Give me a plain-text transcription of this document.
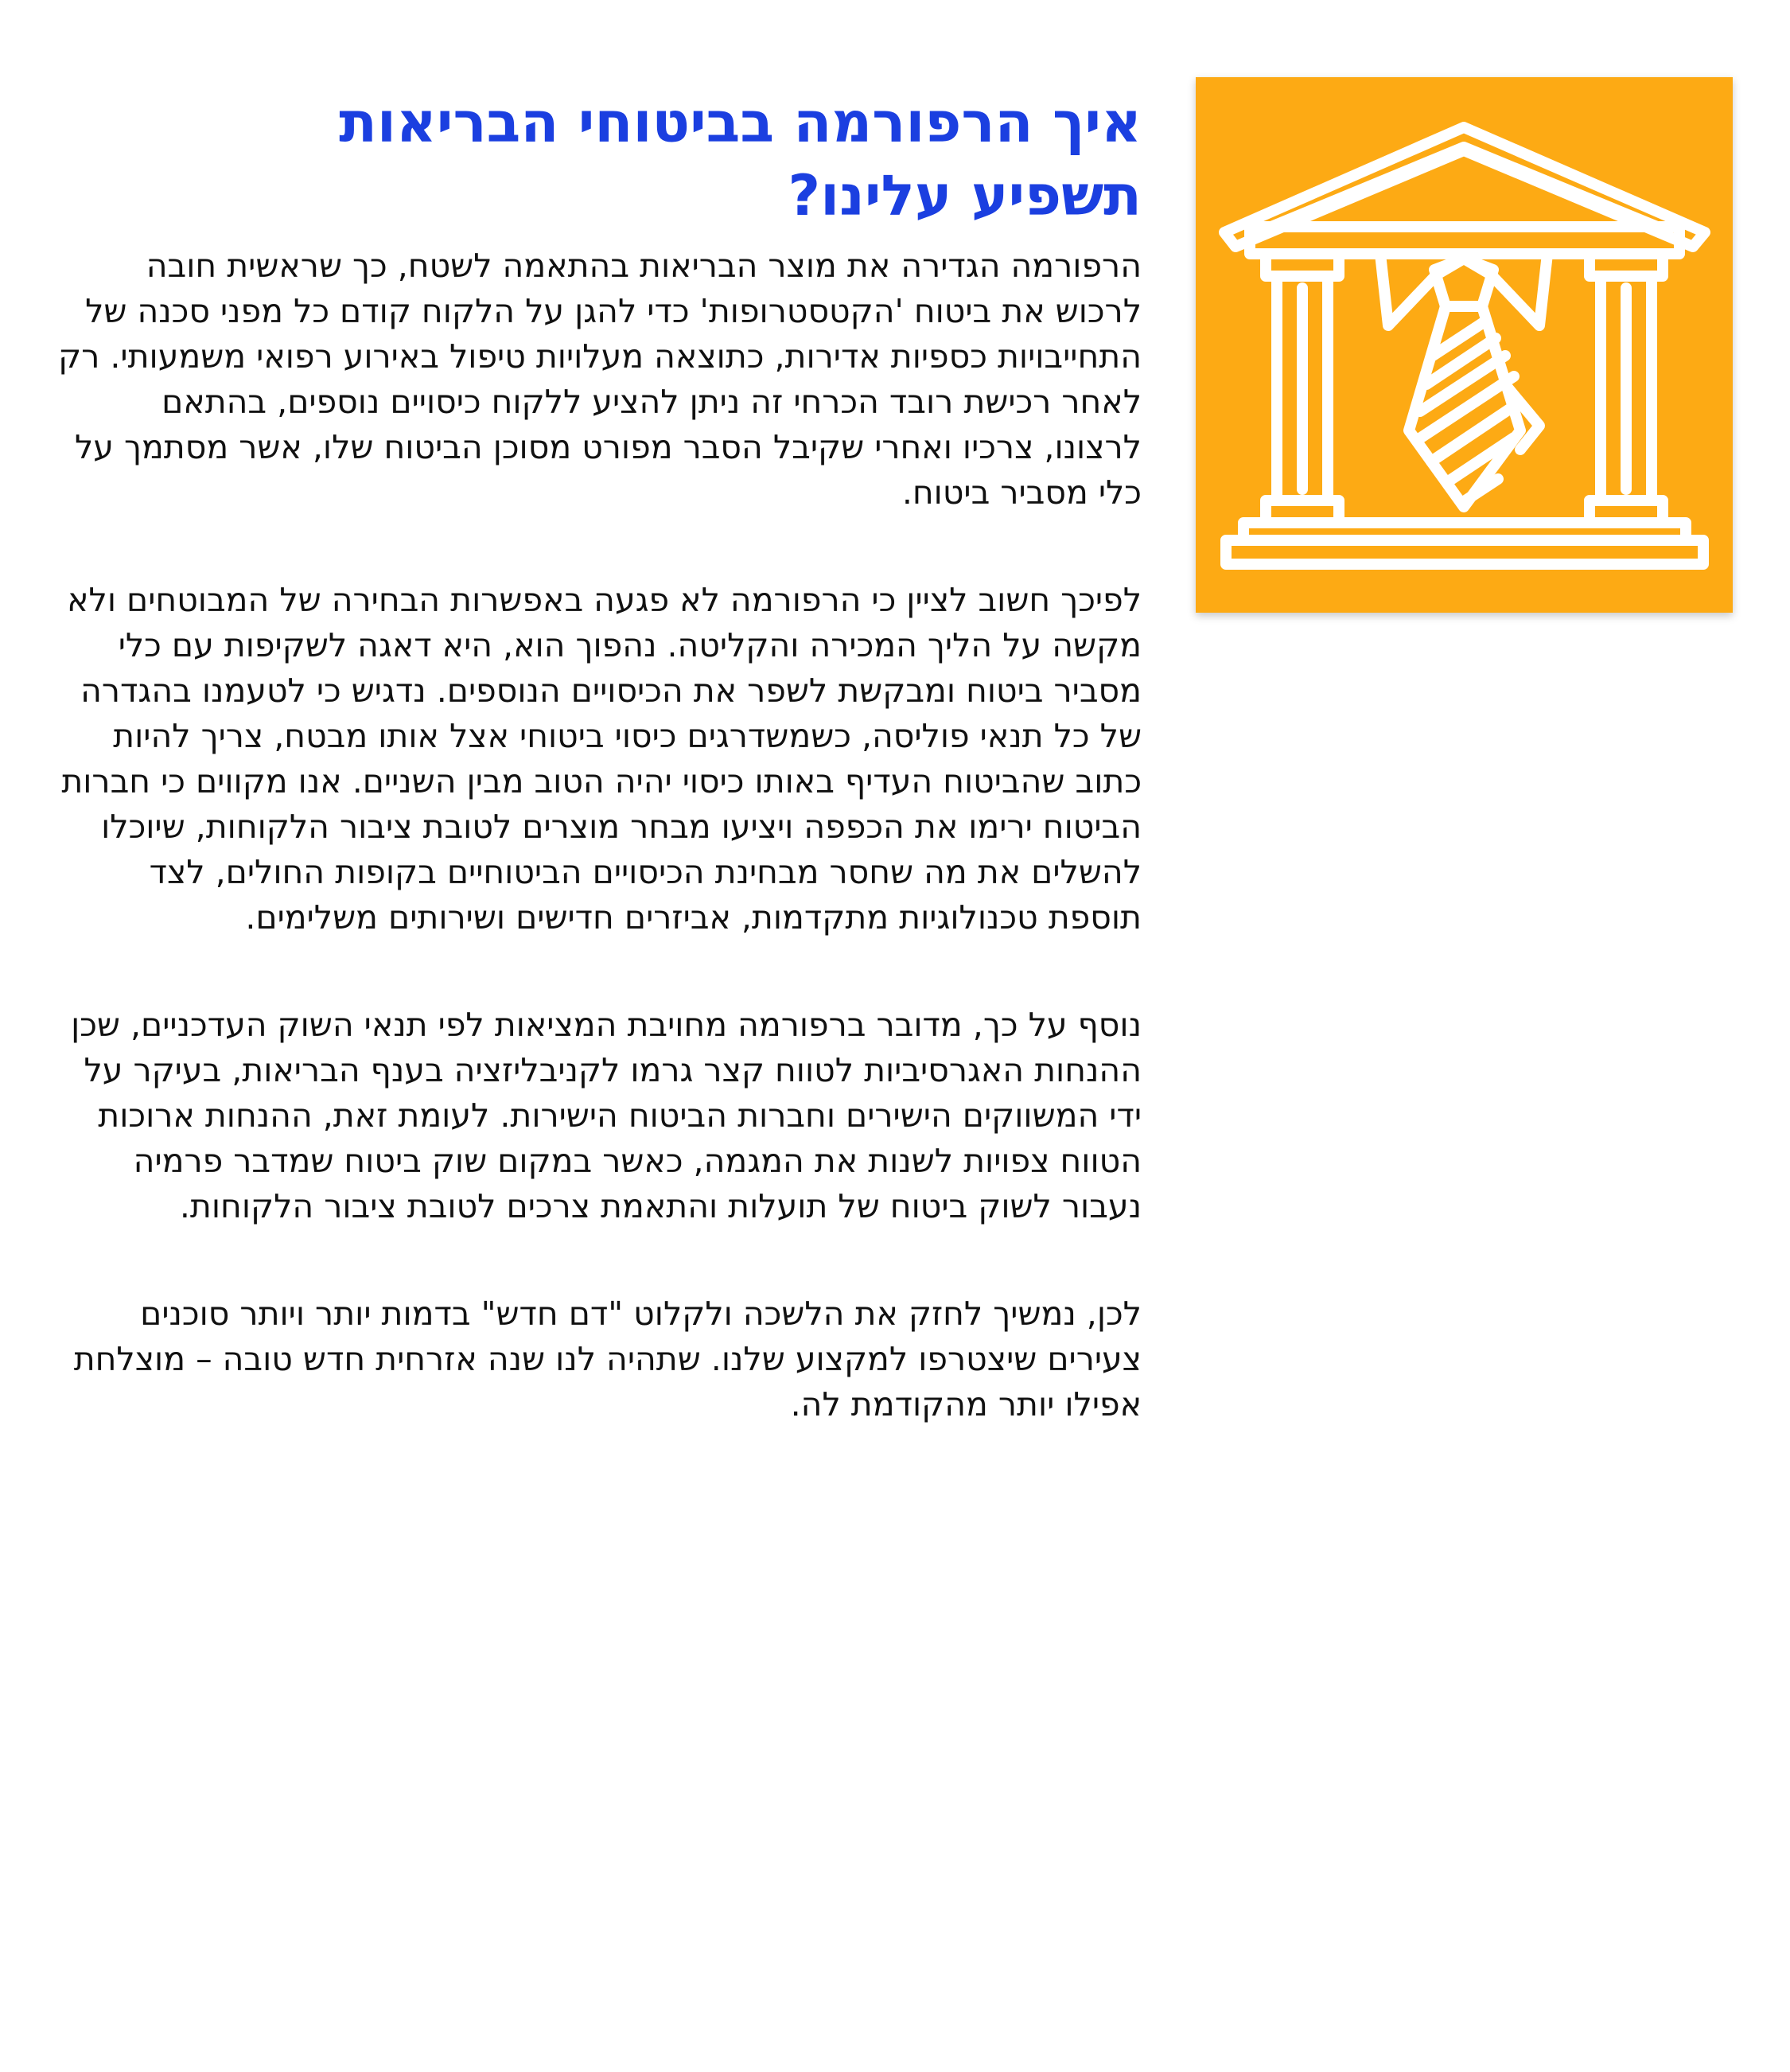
איך הרפורמה בביטוחי הבריאות
תשפיע עלינו?

הרפורמה הגדירה את מוצר הבריאות בהתאמה לשטח, כך שראשית חובה לרכוש את ביטוח 'הקטסטרופות' כדי להגן על הלקוח קודם כל מפני סכנה של התחייבויות כספיות אדירות, כתוצאה מעלויות טיפול באירוע רפואי משמעותי. רק לאחר רכישת רובד הכרחי זה ניתן להציע ללקוח כיסויים נוספים, בהתאם לרצונו, צרכיו ואחרי שקיבל הסבר מפורט מסוכן הביטוח שלו, אשר מסתמך על כלי מסביר ביטוח.

לפיכך חשוב לציין כי הרפורמה לא פגעה באפשרות הבחירה של המבוטחים ולא מקשה על הליך המכירה והקליטה. נהפוך הוא, היא דאגה לשקיפות עם כלי מסביר ביטוח ומבקשת לשפר את הכיסויים הנוספים. נדגיש כי לטעמנו בהגדרה של כל תנאי פוליסה, כשמשדרגים כיסוי ביטוחי אצל אותו מבטח, צריך להיות כתוב שהביטוח העדיף באותו כיסוי יהיה הטוב מבין השניים. אנו מקווים כי חברות הביטוח ירימו את הכפפה ויציעו מבחר מוצרים לטובת ציבור הלקוחות, שיוכלו להשלים את מה שחסר מבחינת הכיסויים הביטוחיים בקופות החולים, לצד תוספת טכנולוגיות מתקדמות, אביזרים חדישים ושירותים משלימים.

נוסף על כך, מדובר ברפורמה מחויבת המציאות לפי תנאי השוק העדכניים, שכן ההנחות האגרסיביות לטווח קצר גרמו לקניבליזציה בענף הבריאות, בעיקר על ידי המשווקים הישירים וחברות הביטוח הישירות. לעומת זאת, ההנחות ארוכות הטווח צפויות לשנות את המגמה, כאשר במקום שוק ביטוח שמדבר פרמיה נעבור לשוק ביטוח של תועלות והתאמת צרכים לטובת ציבור הלקוחות.

לכן, נמשיך לחזק את הלשכה ולקלוט "דם חדש" בדמות יותר ויותר סוכנים צעירים שיצטרפו למקצוע שלנו. שתהיה לנו שנה אזרחית חדש טובה – מוצלחת אפילו יותר מהקודמת לה.
